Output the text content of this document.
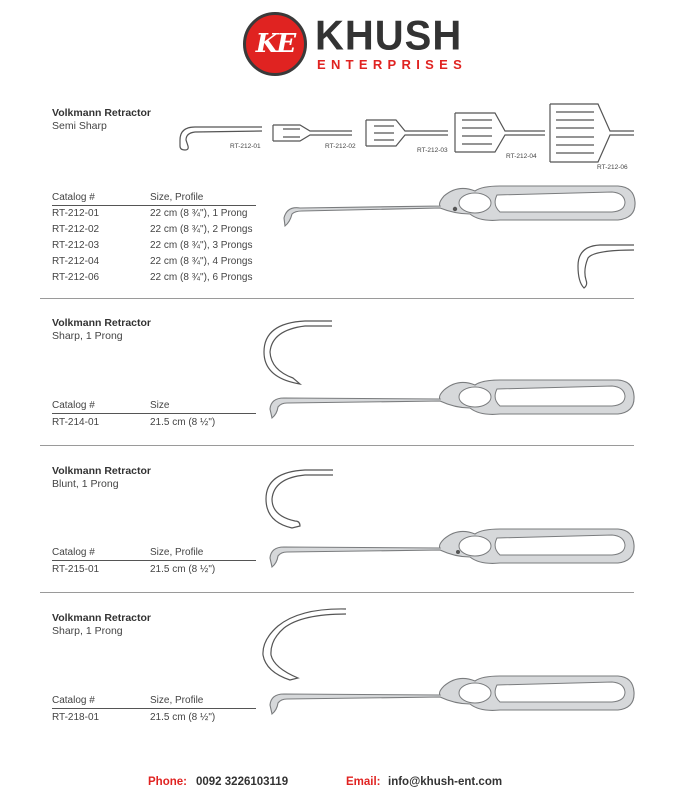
KE KHUSH
ENTERPRISES
Volkmann Retractor
Semi Sharp
RT-212-01	RT-212-02
RT-212-03
RT-212-04
RT-212-06
Catalog #	Size, Profile
RT-212-01	22 cm (8 ¾"), 1 Prong
RT-212-02	22 cm (8 ¾"), 2 Prongs
RT-212-03	22 cm (8 ¾"), 3 Prongs
RT-212-04	22 cm (8 ¾"), 4 Prongs
RT-212-06	22 cm (8 ¾"), 6 Prongs
Volkmann Retractor
Sharp, 1 Prong
Catalog #	Size
RT-214-01	21.5 cm (8 ½")
Volkmann Retractor
Blunt, 1 Prong
Catalog #	Size, Profile
RT-215-01	21.5 cm (8 ½")
Volkmann Retractor
Sharp, 1 Prong
Catalog #	Size, Profile
RT-218-01	21.5 cm (8 ½")
Phone: 0092 3226103119	Email: info@khush-ent.com
